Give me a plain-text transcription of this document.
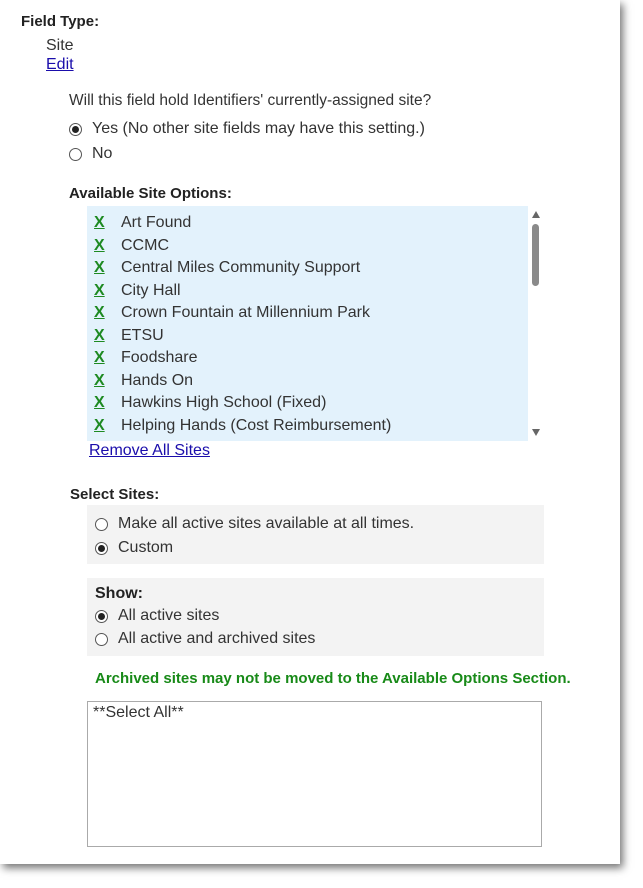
Field Type:
Site
Edit
Will this field hold Identifiers' currently-assigned site?
Yes (No other site fields may have this setting.)
No
Available Site Options:
X	Art Found
X	CCMC
X	Central Miles Community Support
X	City Hall
X	Crown Fountain at Millennium Park
X	ETSU
X	Foodshare
X	Hands On
X	Hawkins High School (Fixed)
X	Helping Hands (Cost Reimbursement)
Remove All Sites
Select Sites:
Make all active sites available at all times.
Custom
Show:
All active sites
All active and archived sites
Archived sites may not be moved to the Available Options Section.
**Select All**
